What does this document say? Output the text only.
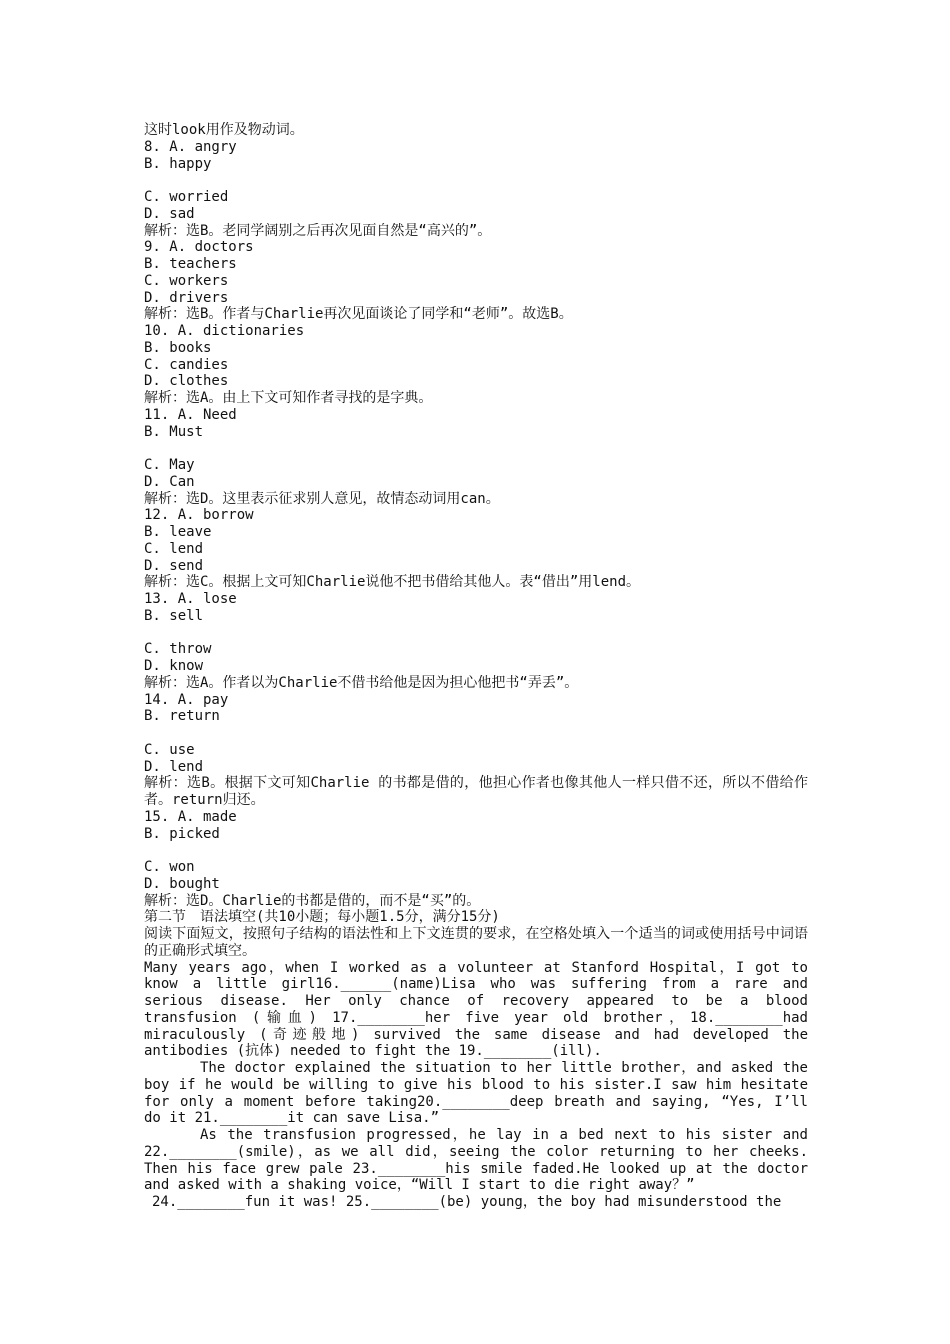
这时look用作及物动词。
8. A. angry
B. happy
C. worried
D. sad
解析：选B。老同学阔别之后再次见面自然是“高兴的”。
9. A. doctors
B. teachers
C. workers
D. drivers
解析：选B。作者与Charlie再次见面谈论了同学和“老师”。故选B。
10. A. dictionaries
B. books
C. candies
D. clothes
解析：选A。由上下文可知作者寻找的是字典。
11. A. Need
B. Must
C. May
D. Can
解析：选D。这里表示征求别人意见，故情态动词用can。
12. A. borrow
B. leave
C. lend
D. send
解析：选C。根据上文可知Charlie说他不把书借给其他人。表“借出”用lend。
13. A. lose
B. sell
C. throw
D. know
解析：选A。作者以为Charlie不借书给他是因为担心他把书“弄丢”。
14. A. pay
B. return
C. use
D. lend
解析：选B。根据下文可知Charlie 的书都是借的，他担心作者也像其他人一样只借不还，所以不借给作者。return归还。
15. A. made
B. picked
C. won
D. bought
解析：选D。Charlie的书都是借的，而不是“买”的。
第二节　语法填空(共10小题；每小题1.5分，满分15分)
阅读下面短文，按照句子结构的语法性和上下文连贯的要求，在空格处填入一个适当的词或使用括号中词语的正确形式填空。
Many years ago，when I worked as a volunteer at Stanford Hospital，I got to know a little girl16.______(name)Lisa who was suffering from a rare and serious disease. Her only chance of recovery appeared to be a blood transfusion (输血) 17.________her five year old brother，18.________had miraculously (奇迹般地) survived the same disease and had developed the antibodies (抗体) needed to fight the 19.________(ill).
The doctor explained the situation to her little brother，and asked the boy if he would be willing to give his blood to his sister.I saw him hesitate for only a moment before taking20.________deep breath and saying, “Yes, I’ll do it 21.________it can save Lisa.”
As the transfusion progressed，he lay in a bed next to his sister and 22.________(smile)，as we all did，seeing the color returning to her cheeks. Then his face grew pale 23.________his smile faded.He looked up at the doctor and asked with a shaking voice，“Will I start to die right away？”
24.________fun it was! 25.________(be) young，the boy had misunderstood the
